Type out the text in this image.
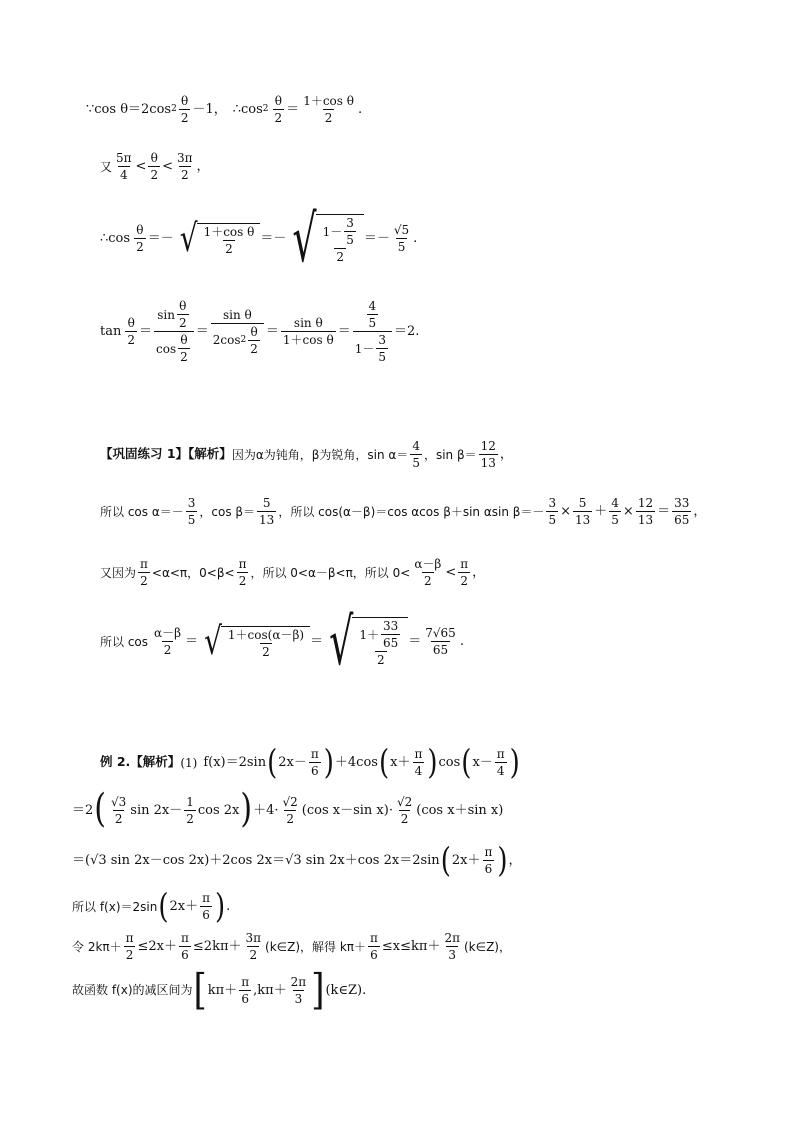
∵ cos θ＝2cos $2 \frac{\theta}{2} -1$， ∴cos $2 \frac{\theta}{2} = \frac{\text{1＋cos θ}}{2}$ .
又 $\frac{5\pi}{4} < \frac{\theta}{2} < \frac{3\pi}{2}$ ，
∴cos $\frac{\theta}{2}$ ＝－ √ $\frac{\text{1＋cos θ}}{2}$ ＝－ √ $\frac{1- \frac{3}{5}}{2} =- \frac{√5}{5}$ .
$\tan \frac{\theta}{2} = \frac{\sin \frac{\theta}{2}}{\cos \frac{\theta}{2}} = \frac{\text{sin θ}}{2\cos 2 \frac{\theta}{2}} = \frac{\text{sin θ}}{\text{1＋cos θ}} = \frac{\frac{4}{5}}{1- \frac{3}{5}} =2$.
【巩固练习 1】【解析】 因为α为钝角，β为锐角，$\sin \alpha= \frac{4}{5}$ ，$\sin \beta= \frac{12}{13}$ ，
所以 $\cos \alpha=- \frac{3}{5}$ ，$\cos \beta= \frac{5}{13}$ ，所以 cos(α－β)＝cos αcos β＋sin αsin $\beta=- \frac{3}{5} \times \frac{5}{13} + \frac{4}{5} \times \frac{12}{13} = \frac{33}{65}$ ，
又因为 $\frac{\pi}{2} <\alpha<\pi$，$0<\beta< \frac{\pi}{2}$ ，所以 0<α－β<π，所以 $0< \frac{\alpha-\beta}{2} < \frac{\pi}{2}$ ，
所以 $\cos \frac{\alpha-\beta}{2}$ ＝ √ $\frac{1+\cos(\alpha-\beta)}{2}$ ＝ √ $\frac{1+ \frac{33}{65}}{2} = \frac{7√65}{65}$ .
例 2.【解析】 (1) f(x)＝2sin ( $2x- \frac{\pi}{6}$ ) ＋4cos ( $x+ \frac{\pi}{4}$ ) cos ( $x- \frac{\pi}{4}$ )
＝2 ( $\frac{√3}{2}$ $\sin 2x- \frac{1}{2}$ cos 2x ) $+4\cdot \frac{√2}{2} (\cos$ x－sin $x)\cdot \frac{√2}{2} (\cos$ x＋sin x)
＝(√3 sin 2x－cos 2x)＋2cos 2x＝√3 sin 2x＋cos 2x＝2sin ( $2x+ \frac{\pi}{6}$ ) ，
所以 f(x)＝2sin ( $2x+ \frac{\pi}{6}$ ) .
令 $2k\pi+ \frac{\pi}{2} \le 2x+ \frac{\pi}{6} \le 2k\pi+ \frac{3\pi}{2}$ (k∈Z)，解得 $k\pi+ \frac{\pi}{6} \le x\le k\pi+ \frac{2\pi}{3}$ (k∈Z)，
故函数 f(x)的减区间为 [ $k\pi+ \frac{\pi}{6} ,k\pi+ \frac{2\pi}{3}$ ] (k∈Z).
